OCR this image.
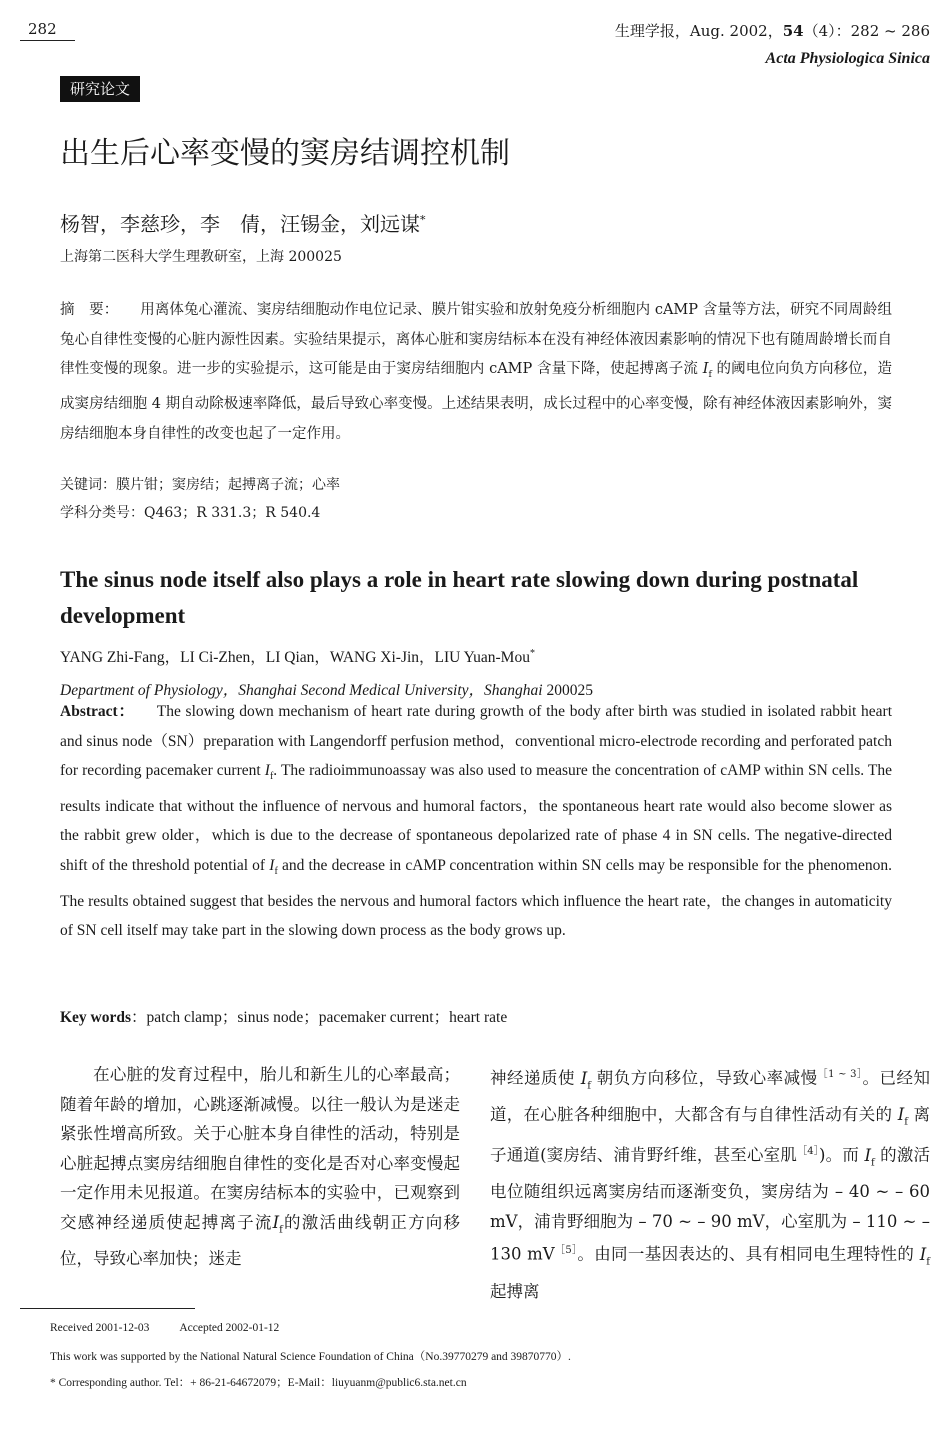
282	生理学报，Aug. 2002，54（4）：282 ~ 286
Acta Physiologica Sinica
研究论文
出生后心率变慢的窦房结调控机制
杨智，李慈珍，李　倩，汪锡金，刘远谋*
上海第二医科大学生理教研室，上海 200025
摘　要： 用离体兔心灌流、窦房结细胞动作电位记录、膜片钳实验和放射免疫分析细胞内 cAMP 含量等方法，研究不同周龄组兔心自律性变慢的心脏内源性因素。实验结果提示，离体心脏和窦房结标本在没有神经体液因素影响的情况下也有随周龄增长而自律性变慢的现象。进一步的实验提示，这可能是由于窦房结细胞内 cAMP 含量下降，使起搏离子流 $I_f$ 的阈电位向负方向移位，造成窦房结细胞 4 期自动除极速率降低，最后导致心率变慢。上述结果表明，成长过程中的心率变慢，除有神经体液因素影响外，窦房结细胞本身自律性的改变也起了一定作用。
关键词：膜片钳；窦房结；起搏离子流；心率
学科分类号：Q463；R 331.3；R 540.4
The sinus node itself also plays a role in heart rate slowing down during postnatal development
YANG Zhi-Fang，LI Ci-Zhen，LI Qian，WANG Xi-Jin，LIU Yuan-Mou*
Department of Physiology，Shanghai Second Medical University，Shanghai 200025
Abstract： The slowing down mechanism of heart rate during growth of the body after birth was studied in isolated rabbit heart and sinus node（SN）preparation with Langendorff perfusion method，conventional micro-electrode recording and perforated patch for recording pacemaker current $I_f$. The radioimmunoassay was also used to measure the concentration of cAMP within SN cells. The results indicate that without the influence of nervous and humoral factors，the spontaneous heart rate would also become slower as the rabbit grew older，which is due to the decrease of spontaneous depolarized rate of phase 4 in SN cells. The negative-directed shift of the threshold potential of $I_f$ and the decrease in cAMP concentration within SN cells may be responsible for the phenomenon. The results obtained suggest that besides the nervous and humoral factors which influence the heart rate，the changes in automaticity of SN cell itself may take part in the slowing down process as the body grows up.
Key words：patch clamp；sinus node；pacemaker current；heart rate
在心脏的发育过程中，胎儿和新生儿的心率最高；随着年龄的增加，心跳逐渐减慢。以往一般认为是迷走紧张性增高所致。关于心脏本身自律性的活动，特别是心脏起搏点窦房结细胞自律性的变化是否对心率变慢起一定作用未见报道。在窦房结标本的实验中，已观察到交感神经递质使起搏离子流$I_f$的激活曲线朝正方向移位，导致心率加快；迷走
神经递质使 $I_f$ 朝负方向移位，导致心率减慢$^{[1 \sim 3]}$。已经知道，在心脏各种细胞中，大都含有与自律性活动有关的 $I_f$ 离子通道(窦房结、浦肯野纤维，甚至心室肌$^{[4]}$)。而 $I_f$ 的激活电位随组织远离窦房结而逐渐变负，窦房结为 – 40 ~ – 60 mV，浦肯野细胞为 – 70 ~ – 90 mV，心室肌为 – 110 ~ – 130 $mV^{[5]}$。由同一基因表达的、具有相同电生理特性的 $I_f$ 起搏离
Received 2001-12-03	Accepted 2002-01-12
This work was supported by the National Natural Science Foundation of China（No.39770279 and 39870770）.
* Corresponding author. Tel：+ 86-21-64672079；E-Mail：liuyuanm@public6.sta.net.cn
